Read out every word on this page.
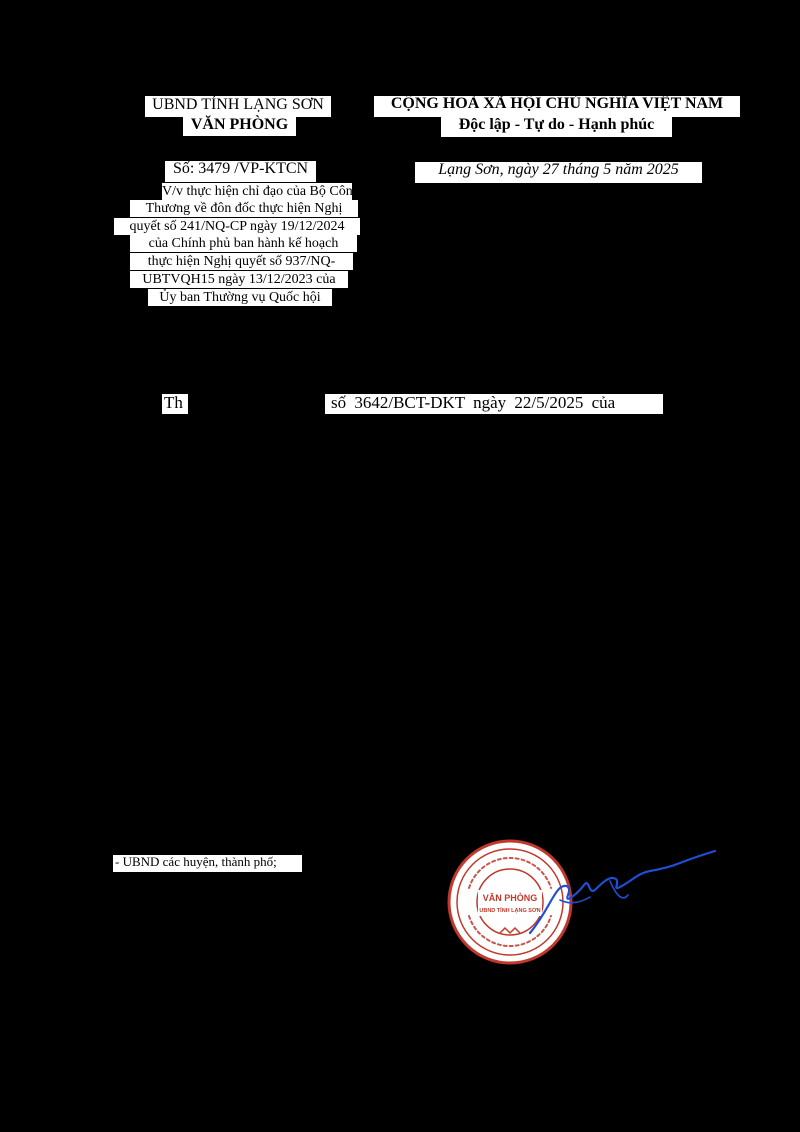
UBND TỈNH LẠNG SƠN
VĂN PHÒNG
CỘNG HOÀ XÃ HỘI CHỦ NGHĨA VIỆT NAM
Độc lập - Tự do - Hạnh phúc
Số: 3479 /VP-KTCN	Lạng Sơn, ngày 27 tháng 5 năm 2025
V/v thực hiện chỉ đạo của Bộ Công
Thương về đôn đốc thực hiện Nghị
quyết số 241/NQ-CP ngày 19/12/2024
của Chính phủ ban hành kế hoạch
thực hiện Nghị quyết số 937/NQ-
UBTVQH15 ngày 13/12/2023 của
Ủy ban Thường vụ Quốc hội
Th	số 3642/BCT-DKT ngày 22/5/2025 của
- UBND các huyện, thành phố;
VĂN PHÒNG
UBND TỈNH LẠNG SƠN
